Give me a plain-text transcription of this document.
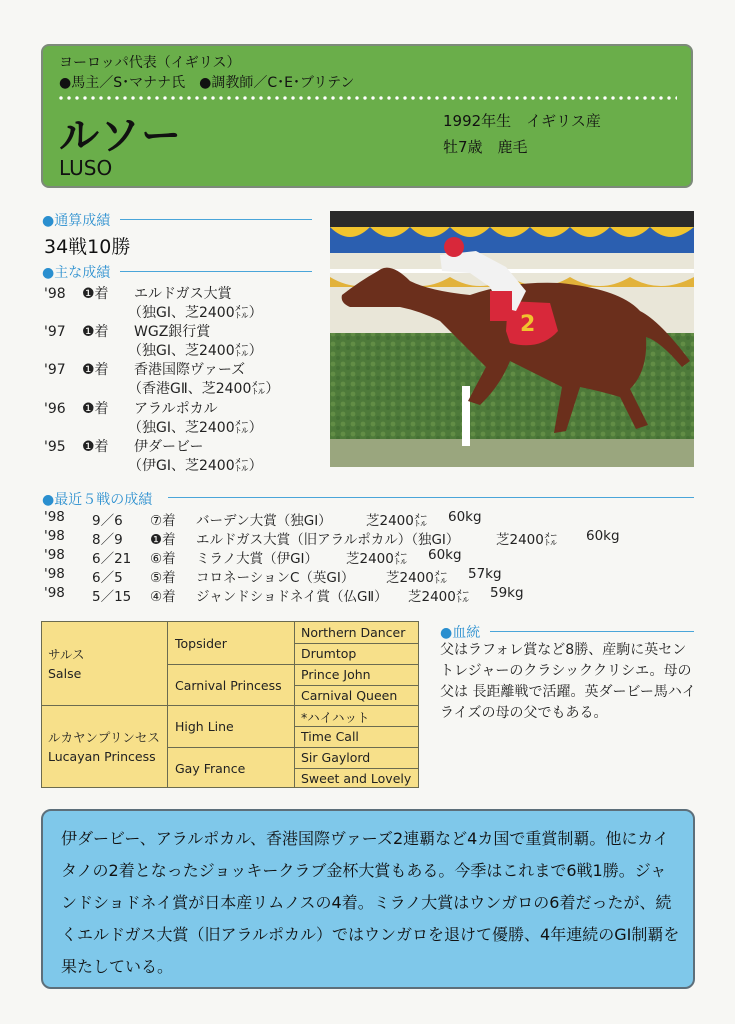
ヨーロッパ代表（イギリス）
●馬主／S･マナナ氏　●調教師／C･E･ブリテン
ルソー
LUSO
1992年生　イギリス産
牡7歳　鹿毛
●通算成績
34戦10勝
●主な成績
'98 ❶着 エルドガス大賞
（独GⅠ、芝2400㍍）
'97 ❶着 WGZ銀行賞
（独GⅠ、芝2400㍍）
'97 ❶着 香港国際ヴァーズ
（香港GⅡ、芝2400㍍）
'96 ❶着 アラルポカル
（独GⅠ、芝2400㍍）
'95 ❶着 伊ダービー
（伊GⅠ、芝2400㍍）
2
●最近５戦の成績
'98 9／6 ⑦着 バーデン大賞（独GⅠ）	芝2400㍍ 60kg
'98 8／9 ❶着 エルドガス大賞（旧アラルポカル）（独GⅠ）	芝2400㍍ 60kg
'98 6／21 ⑥着 ミラノ大賞（伊GⅠ） 芝2400㍍ 60kg
'98 6／5 ⑤着 コロネーションC（英GⅠ） 芝2400㍍ 57kg
'98 5／15 ④着 ジャンドショドネイ賞（仏GⅡ） 芝2400㍍ 59kg
サルス
Salse
ルカヤンプリンセス
Lucayan Princess
Topsider
Carnival Princess
High Line
Gay France
Northern Dancer
Drumtop
Prince John
Carnival Queen
*ハイハット
Time Call
Sir Gaylord
Sweet and Lovely
●血統
父はラフォレ賞など8勝、産駒に英セントレジャーのクラシッククリシエ。母の父は 長距離戦で活躍。英ダービー馬ハイライズの母の父でもある。
伊ダービー、アラルポカル、香港国際ヴァーズ2連覇など4カ国で重賞制覇。他にカイタノの2着となったジョッキークラブ金杯大賞もある。今季はこれまで6戦1勝。ジャンドショドネイ賞が日本産リムノスの4着。ミラノ大賞はウンガロの6着だったが、続くエルドガス大賞（旧アラルポカル）ではウンガロを退けて優勝、4年連続のGⅠ制覇を果たしている。
